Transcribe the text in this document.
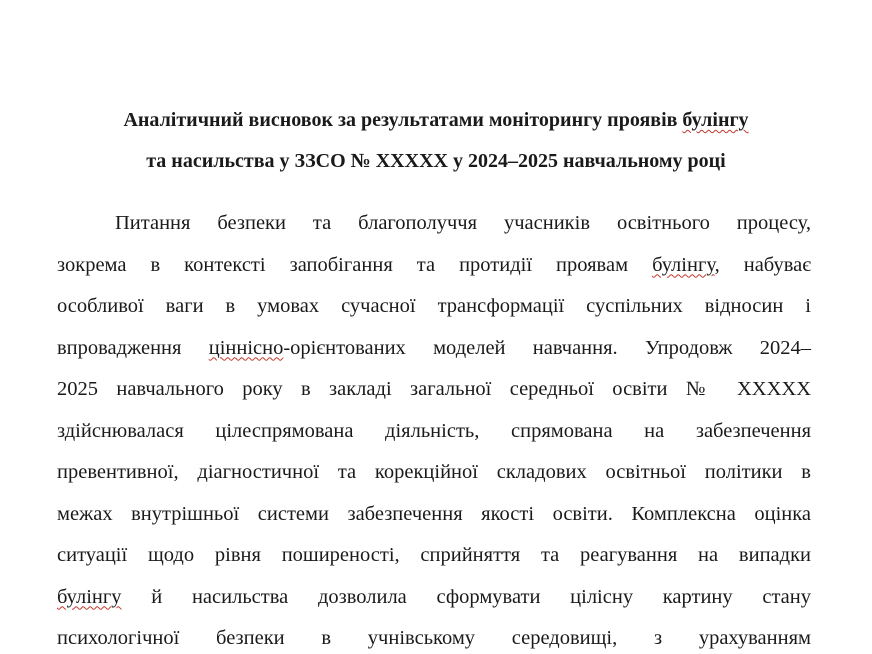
Аналітичний висновок за результатами моніторингу проявів булінгу
та насильства у ЗЗСО № ХХХХХ у 2024–2025 навчальному році
Питання безпеки та благополуччя учасників освітнього процесу,
зокрема в контексті запобігання та протидії проявам булінгу, набуває
особливої ваги в умовах сучасної трансформації суспільних відносин і
впровадження ціннісно-орієнтованих моделей навчання. Упродовж 2024–
2025 навчального року в закладі загальної середньої освіти № ХХХХХ
здійснювалася цілеспрямована діяльність, спрямована на забезпечення
превентивної, діагностичної та корекційної складових освітньої політики в
межах внутрішньої системи забезпечення якості освіти. Комплексна оцінка
ситуації щодо рівня поширеності, сприйняття та реагування на випадки
булінгу й насильства дозволила сформувати цілісну картину стану
психологічної безпеки в учнівському середовищі, з урахуванням
